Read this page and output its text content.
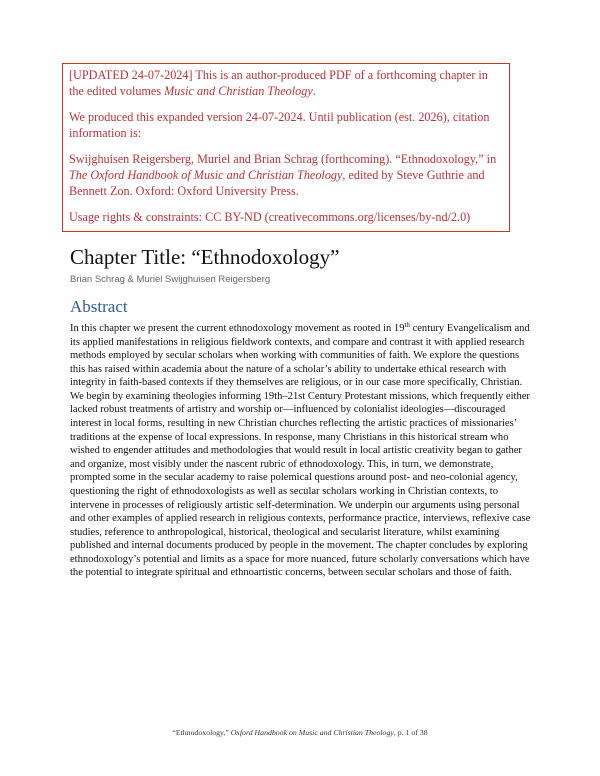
[UPDATED 24-07-2024] This is an author-produced PDF of a forthcoming chapter in the edited volumes Music and Christian Theology.

We produced this expanded version 24-07-2024. Until publication (est. 2026), citation information is:

Swijghuisen Reigersberg, Muriel and Brian Schrag (forthcoming). “Ethnodoxology,” in The Oxford Handbook of Music and Christian Theology, edited by Steve Guthrie and Bennett Zon. Oxford: Oxford University Press.

Usage rights & constraints: CC BY-ND (creativecommons.org/licenses/by-nd/2.0)

Chapter Title: “Ethnodoxology”
Brian Schrag & Muriel Swijghuisen Reigersberg
Abstract
In this chapter we present the current ethnodoxology movement as rooted in 19th century Evangelicalism and its applied manifestations in religious fieldwork contexts, and compare and contrast it with applied research methods employed by secular scholars when working with communities of faith. We explore the questions this has raised within academia about the nature of a scholar’s ability to undertake ethical research with integrity in faith-based contexts if they themselves are religious, or in our case more specifically, Christian. We begin by examining theologies informing 19th–21st Century Protestant missions, which frequently either lacked robust treatments of artistry and worship or—influenced by colonialist ideologies—discouraged interest in local forms, resulting in new Christian churches reflecting the artistic practices of missionaries’ traditions at the expense of local expressions. In response, many Christians in this historical stream who wished to engender attitudes and methodologies that would result in local artistic creativity began to gather and organize, most visibly under the nascent rubric of ethnodoxology. This, in turn, we demonstrate, prompted some in the secular academy to raise polemical questions around post- and neo-colonial agency, questioning the right of ethnodoxologists as well as secular scholars working in Christian contexts, to intervene in processes of religiously artistic self-determination. We underpin our arguments using personal and other examples of applied research in religious contexts, performance practice, interviews, reflexive case studies, reference to anthropological, historical, theological and secularist literature, whilst examining published and internal documents produced by people in the movement. The chapter concludes by exploring ethnodoxology’s potential and limits as a space for more nuanced, future scholarly conversations which have the potential to integrate spiritual and ethnoartistic concerns, between secular scholars and those of faith.
“Ethnodoxology,” Oxford Handbook on Music and Christian Theology, p. 1 of 38
